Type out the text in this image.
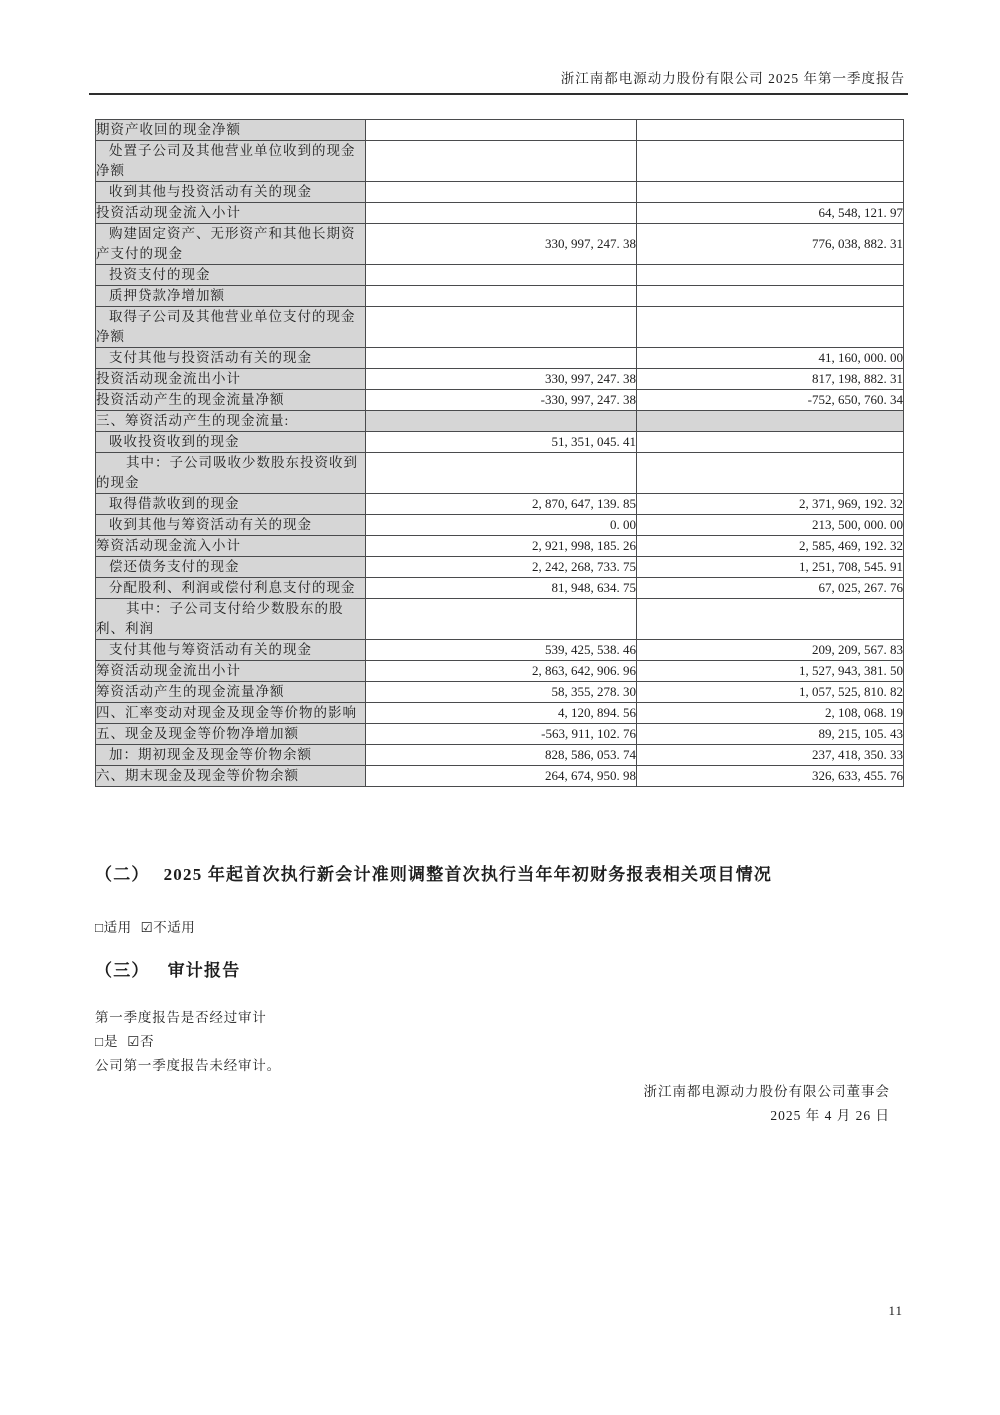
浙江南都电源动力股份有限公司 2025 年第一季度报告
期资产收回的现金净额		
处置子公司及其他营业单位收到的现金净额		
收到其他与投资活动有关的现金		
投资活动现金流入小计		64, 548, 121. 97
购建固定资产、无形资产和其他长期资产支付的现金	330, 997, 247. 38	776, 038, 882. 31
投资支付的现金		
质押贷款净增加额		
取得子公司及其他营业单位支付的现金净额		
支付其他与投资活动有关的现金		41, 160, 000. 00
投资活动现金流出小计	330, 997, 247. 38	817, 198, 882. 31
投资活动产生的现金流量净额	-330, 997, 247. 38	-752, 650, 760. 34
三、筹资活动产生的现金流量:		
吸收投资收到的现金	51, 351, 045. 41	
其中：子公司吸收少数股东投资收到的现金		
取得借款收到的现金	2, 870, 647, 139. 85	2, 371, 969, 192. 32
收到其他与筹资活动有关的现金	0. 00	213, 500, 000. 00
筹资活动现金流入小计	2, 921, 998, 185. 26	2, 585, 469, 192. 32
偿还债务支付的现金	2, 242, 268, 733. 75	1, 251, 708, 545. 91
分配股利、利润或偿付利息支付的现金	81, 948, 634. 75	67, 025, 267. 76
其中：子公司支付给少数股东的股利、利润		
支付其他与筹资活动有关的现金	539, 425, 538. 46	209, 209, 567. 83
筹资活动现金流出小计	2, 863, 642, 906. 96	1, 527, 943, 381. 50
筹资活动产生的现金流量净额	58, 355, 278. 30	1, 057, 525, 810. 82
四、汇率变动对现金及现金等价物的影响	4, 120, 894. 56	2, 108, 068. 19
五、现金及现金等价物净增加额	-563, 911, 102. 76	89, 215, 105. 43
加：期初现金及现金等价物余额	828, 586, 053. 74	237, 418, 350. 33
六、期末现金及现金等价物余额	264, 674, 950. 98	326, 633, 455. 76
（二） 2025 年起首次执行新会计准则调整首次执行当年年初财务报表相关项目情况
□适用 ☑不适用
（三） 审计报告
第一季度报告是否经过审计
□是 ☑否
公司第一季度报告未经审计。
浙江南都电源动力股份有限公司董事会
2025 年 4 月 26 日
11
